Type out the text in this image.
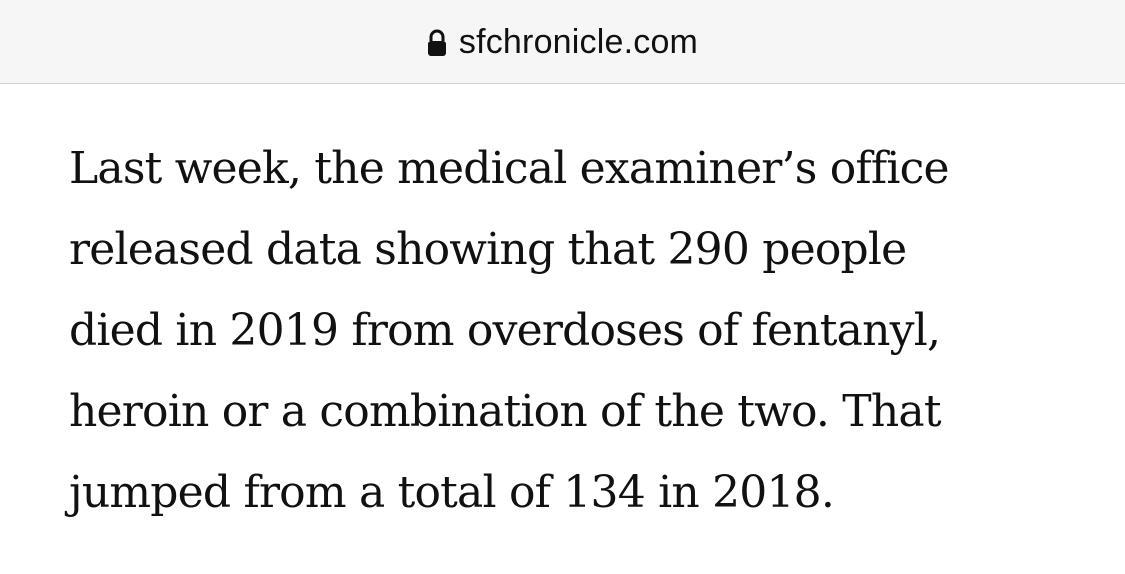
sfchronicle.com
Last week, the medical examiner’s office
released data showing that 290 people
died in 2019 from overdoses of fentanyl,
heroin or a combination of the two. That
jumped from a total of 134 in 2018.
